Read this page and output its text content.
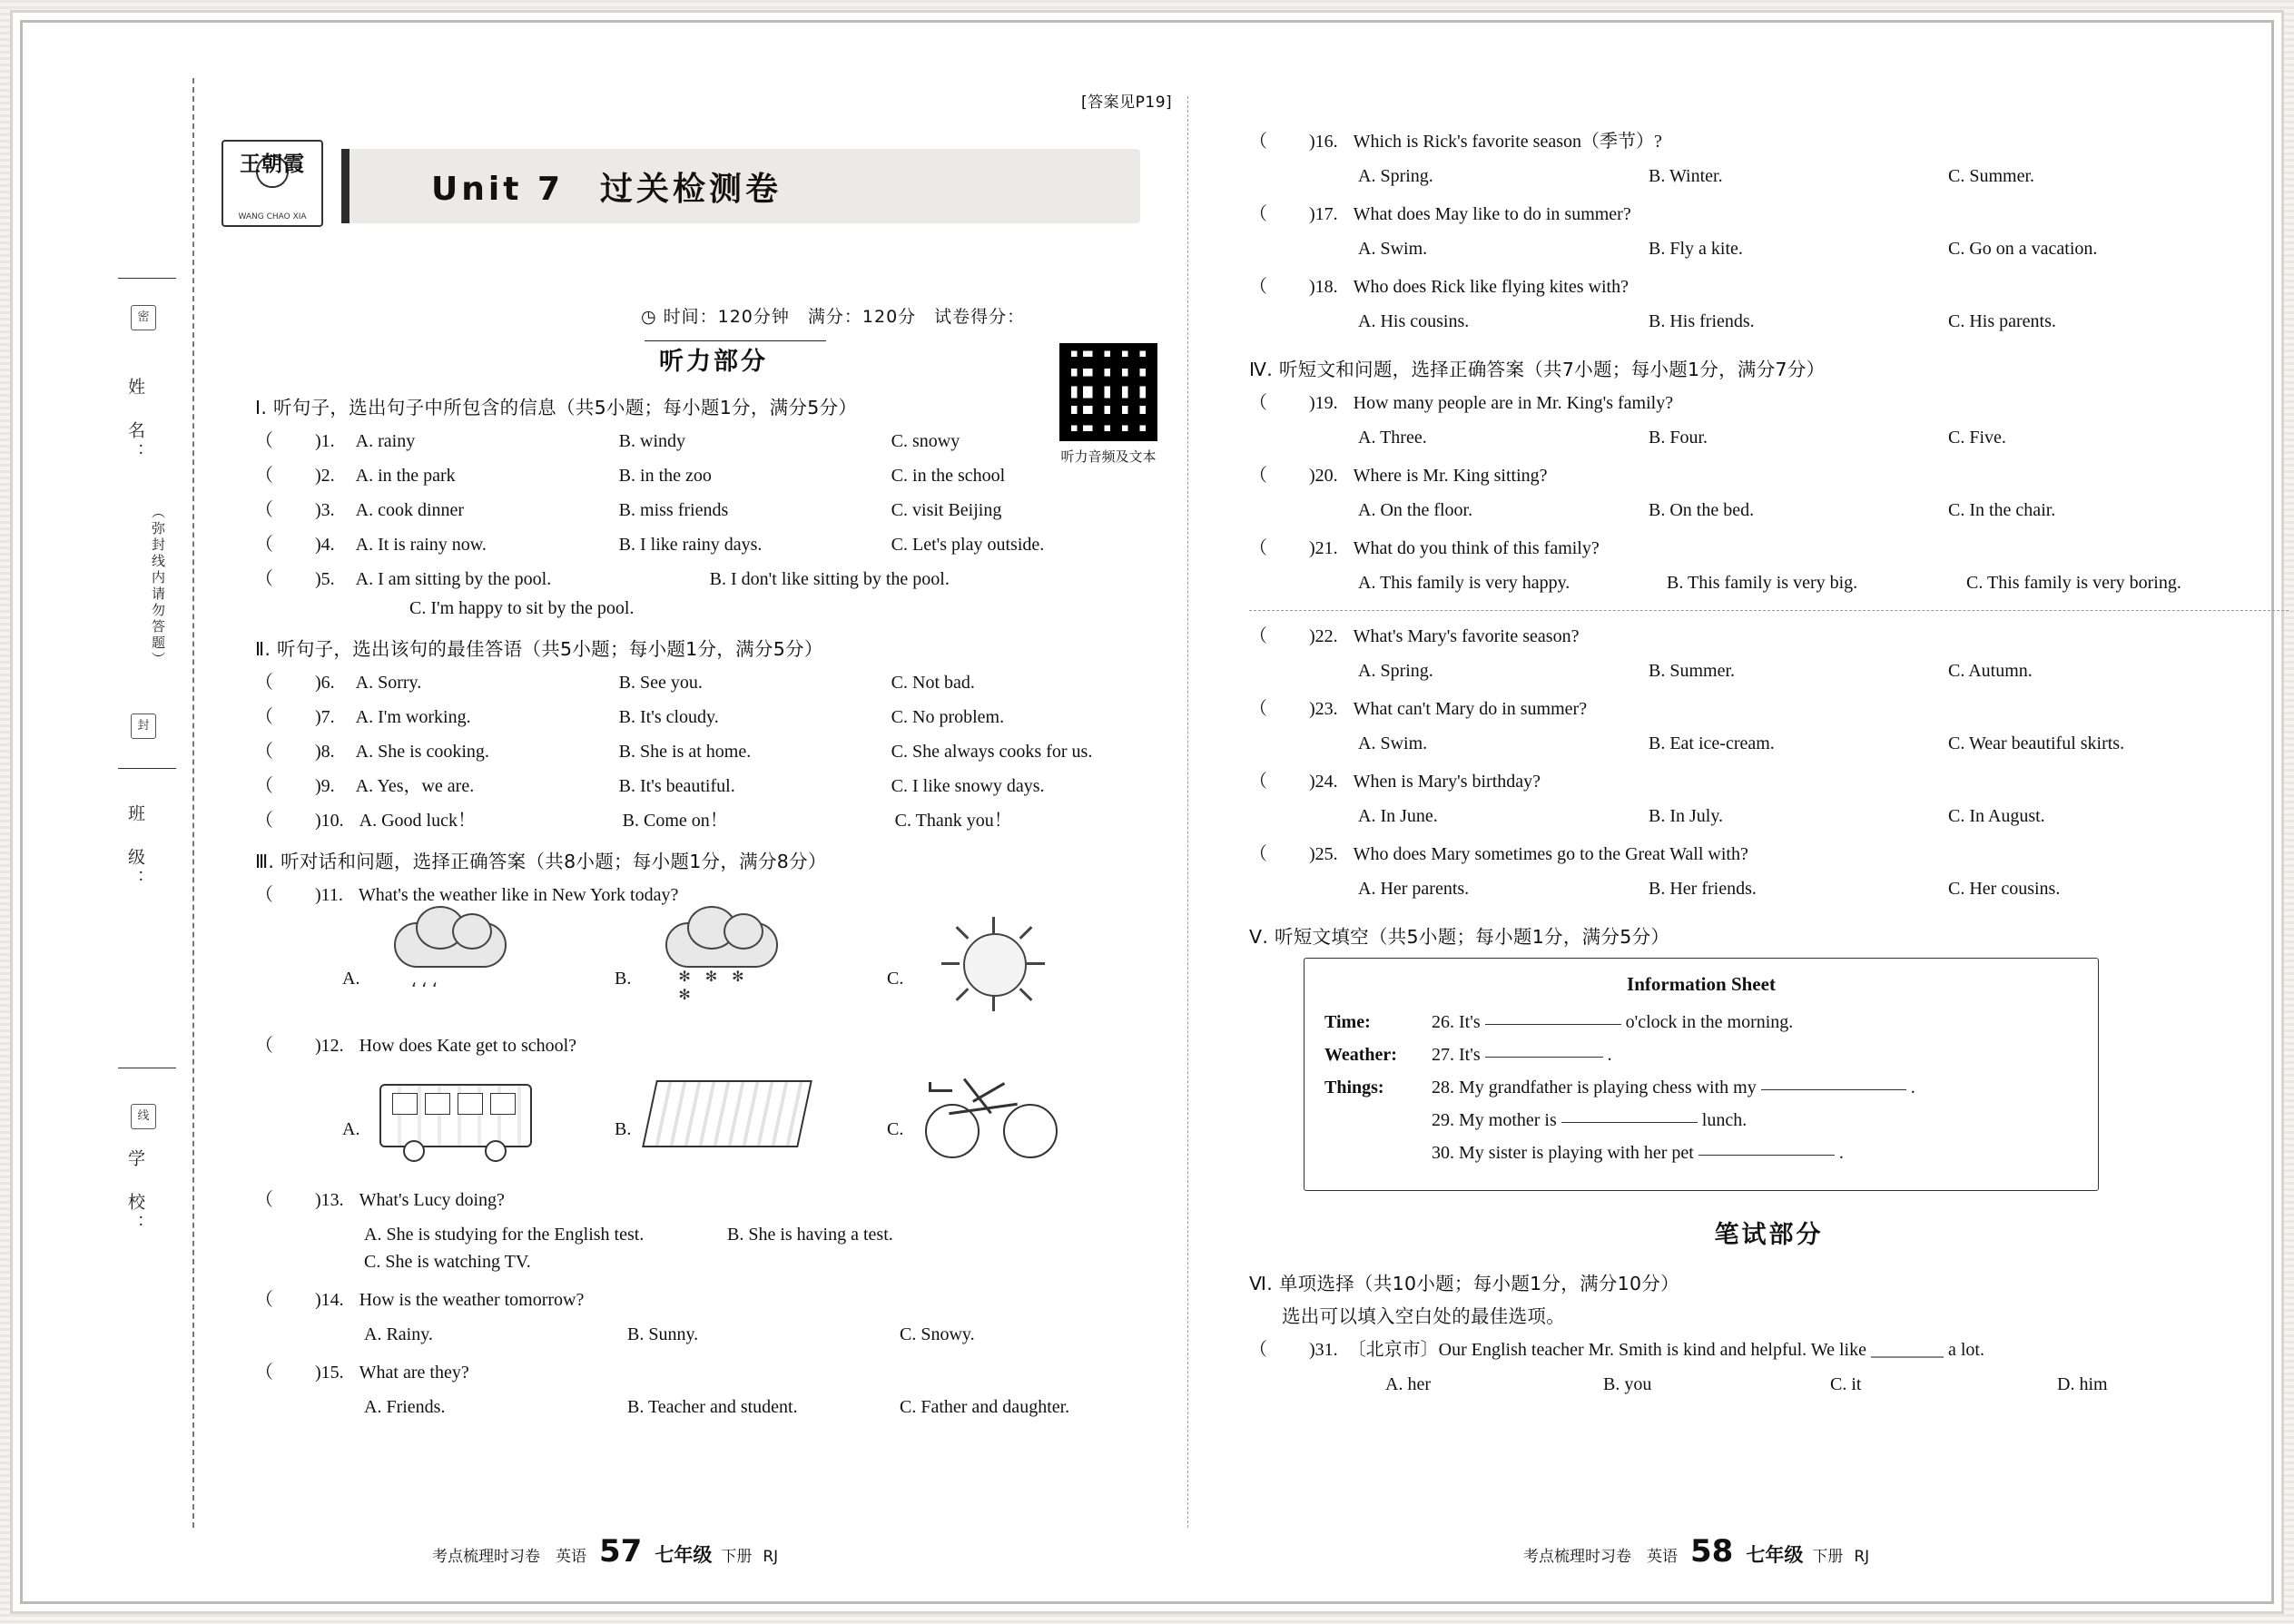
密
姓　名：
（弥封线内请勿答题）
封
班　级：
线
学　校：
[答案见P19]
王朝霞
WANG CHAO XIA
Unit 7　过关检测卷
◷ 时间：120分钟　满分：120分　试卷得分：
听力部分
听力音频及文本
Ⅰ. 听句子，选出句子中所包含的信息（共5小题；每小题1分，满分5分）
（　　)1. A. rainy	B. windy	C. snowy
（　　)2. A. in the park	B. in the zoo	C. in the school
（　　)3. A. cook dinner	B. miss friends	C. visit Beijing
（　　)4. A. It is rainy now.	B. I like rainy days.	C. Let's play outside.
（　　)5. A. I am sitting by the pool.	B. I don't like sitting by the pool.
C. I'm happy to sit by the pool.
Ⅱ. 听句子，选出该句的最佳答语（共5小题；每小题1分，满分5分）
（　　)6. A. Sorry.	B. See you.	C. Not bad.
（　　)7. A. I'm working.	B. It's cloudy.	C. No problem.
（　　)8. A. She is cooking.	B. She is at home.	C. She always cooks for us.
（　　)9. A. Yes，we are.	B. It's beautiful.	C. I like snowy days.
（　　)10. A. Good luck！	B. Come on！	C. Thank you！
Ⅲ. 听对话和问题，选择正确答案（共8小题；每小题1分，满分8分）
（　　)11. What's the weather like in New York today?
A.	، ، ،	B.	✻ ✻ ✻ ✻
C.
（　　)12. How does Kate get to school?
A.	B.	C.
（　　)13. What's Lucy doing?
A. She is studying for the English test.	B. She is having a test.
C. She is watching TV.
（　　)14. How is the weather tomorrow?
A. Rainy.	B. Sunny.	C. Snowy.
（　　)15. What are they?
A. Friends.	B. Teacher and student.	C. Father and daughter.
考点梳理时习卷　英语 57 七年级 下册 RJ
（　　)16. Which is Rick's favorite season（季节）?
A. Spring.	B. Winter.	C. Summer.
（　　)17. What does May like to do in summer?
A. Swim.	B. Fly a kite.	C. Go on a vacation.
（　　)18. Who does Rick like flying kites with?
A. His cousins.	B. His friends.	C. His parents.
Ⅳ. 听短文和问题，选择正确答案（共7小题；每小题1分，满分7分）
（　　)19. How many people are in Mr. King's family?
A. Three.	B. Four.	C. Five.
（　　)20. Where is Mr. King sitting?
A. On the floor.	B. On the bed.	C. In the chair.
（　　)21. What do you think of this family?
A. This family is very happy.	B. This family is very big.	C. This family is very boring.
（　　)22. What's Mary's favorite season?
A. Spring.	B. Summer.	C. Autumn.
（　　)23. What can't Mary do in summer?
A. Swim.	B. Eat ice-cream.	C. Wear beautiful skirts.
（　　)24. When is Mary's birthday?
A. In June.	B. In July.	C. In August.
（　　)25. Who does Mary sometimes go to the Great Wall with?
A. Her parents.	B. Her friends.	C. Her cousins.
Ⅴ. 听短文填空（共5小题；每小题1分，满分5分）
Information Sheet
Time:	26. It's	o'clock in the morning.
Weather:	27. It's	.
Things:	28. My grandfather is playing chess with my	.
29. My mother is	lunch.
30. My sister is playing with her pet	.
笔试部分
Ⅵ. 单项选择（共10小题；每小题1分，满分10分）
选出可以填入空白处的最佳选项。
（　　)31. 〔北京市〕Our English teacher Mr. Smith is kind and helpful. We like ________ a lot.
A. her	B. you	C. it	D. him
考点梳理时习卷　英语 58 七年级 下册 RJ
